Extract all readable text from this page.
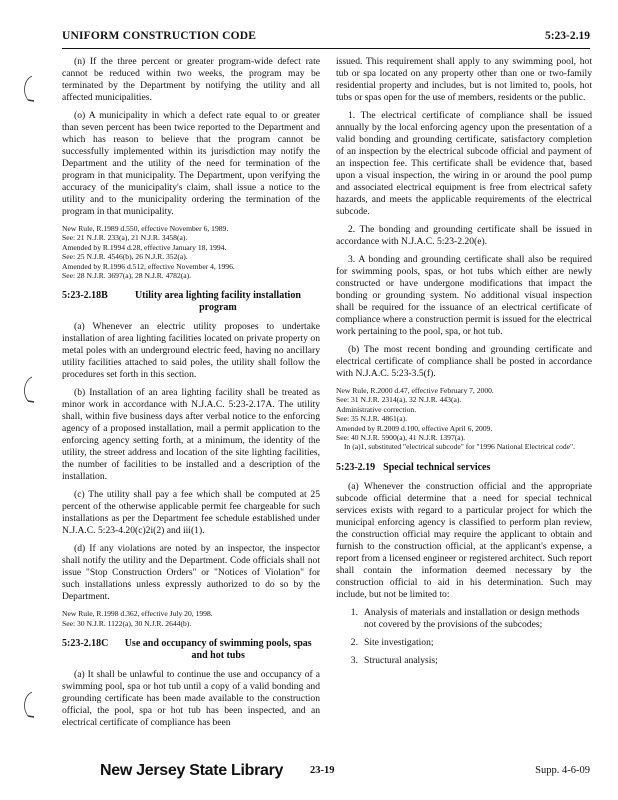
UNIFORM CONSTRUCTION CODE	5:23-2.19

(n) If the three percent or greater program-wide defect rate cannot be reduced within two weeks, the program may be terminated by the Department by notifying the utility and all affected municipalities.

(o) A municipality in which a defect rate equal to or greater than seven percent has been twice reported to the Department and which has reason to believe that the program cannot be successfully implemented within its jurisdiction may notify the Department and the utility of the need for termination of the program in that municipality. The Department, upon verifying the accuracy of the municipality's claim, shall issue a notice to the utility and to the municipality ordering the termination of the program in that municipality.

New Rule, R.1989 d.550, effective November 6, 1989.
See: 21 N.J.R. 233(a), 21 N.J.R. 3458(a).
Amended by R.1994 d.28, effective January 18, 1994.
See: 25 N.J.R. 4546(b), 26 N.J.R. 352(a).
Amended by R.1996 d.512, effective November 4, 1996.
See: 28 N.J.R. 3697(a), 28 N.J.R. 4782(a).
5:23-2.18B	Utility area lighting facility installation program

(a) Whenever an electric utility proposes to undertake installation of area lighting facilities located on private property on metal poles with an underground electric feed, having no ancillary utility facilities attached to said poles, the utility shall follow the procedures set forth in this section.

(b) Installation of an area lighting facility shall be treated as minor work in accordance with N.J.A.C. 5:23-2.17A. The utility shall, within five business days after verbal notice to the enforcing agency of a proposed installation, mail a permit application to the enforcing agency setting forth, at a minimum, the identity of the utility, the street address and location of the site lighting facilities, the number of facilities to be installed and a description of the installation.

(c) The utility shall pay a fee which shall be computed at 25 percent of the otherwise applicable permit fee chargeable for such installations as per the Department fee schedule established under N.J.A.C. 5:23-4.20(c)2i(2) and iii(1).

(d) If any violations are noted by an inspector, the inspector shall notify the utility and the Department. Code officials shall not issue "Stop Construction Orders" or "Notices of Violation" for such installations unless expressly authorized to do so by the Department.

New Rule, R.1998 d.362, effective July 20, 1998.
See: 30 N.J.R. 1122(a), 30 N.J.R. 2644(b).
5:23-2.18C	Use and occupancy of swimming pools, spas and hot tubs

(a) It shall be unlawful to continue the use and occupancy of a swimming pool, spa or hot tub until a copy of a valid bonding and grounding certificate has been made available to the construction official, the pool, spa or hot tub has been inspected, and an electrical certificate of compliance has been

issued. This requirement shall apply to any swimming pool, hot tub or spa located on any property other than one or two-family residential property and includes, but is not limited to, pools, hot tubs or spas open for the use of members, residents or the public.

1. The electrical certificate of compliance shall be issued annually by the local enforcing agency upon the presentation of a valid bonding and grounding certificate, satisfactory completion of an inspection by the electrical subcode official and payment of an inspection fee. This certificate shall be evidence that, based upon a visual inspection, the wiring in or around the pool pump and associated electrical equipment is free from electrical safety hazards, and meets the applicable requirements of the electrical subcode.

2. The bonding and grounding certificate shall be issued in accordance with N.J.A.C. 5:23-2.20(e).

3. A bonding and grounding certificate shall also be required for swimming pools, spas, or hot tubs which either are newly constructed or have undergone modifications that impact the bonding or grounding system. No additional visual inspection shall be required for the issuance of an electrical certificate of compliance where a construction permit is issued for the electrical work pertaining to the pool, spa, or hot tub.

(b) The most recent bonding and grounding certificate and electrical certificate of compliance shall be posted in accordance with N.J.A.C. 5:23-3.5(f).

New Rule, R.2000 d.47, effective February 7, 2000.
See: 31 N.J.R. 2314(a), 32 N.J.R. 443(a).
Administrative correction.
See: 35 N.J.R. 4861(a).
Amended by R.2009 d.100, effective April 6, 2009.
See: 40 N.J.R. 5900(a), 41 N.J.R. 1397(a).
In (a)1, substituted "electrical subcode" for "1996 National Electrical code".
5:23-2.19 Special technical services

(a) Whenever the construction official and the appropriate subcode official determine that a need for special technical services exists with regard to a particular project for which the municipal enforcing agency is classified to perform plan review, the construction official may require the applicant to obtain and furnish to the construction official, at the applicant's expense, a report from a licensed engineer or registered architect. Such report shall contain the information deemed necessary by the construction official to aid in his determination. Such may include, but not be limited to:

1. Analysis of materials and installation or design methods not covered by the provisions of the subcodes;
2. Site investigation;
3. Structural analysis;
New Jersey State Library	23-19	Supp. 4-6-09
